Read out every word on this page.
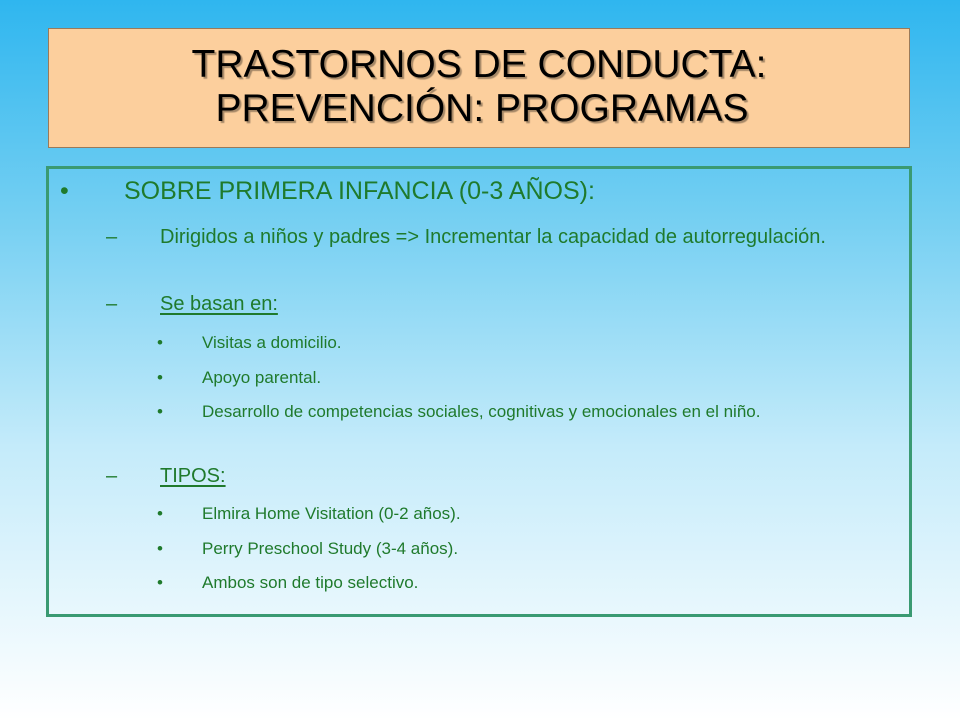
TRASTORNOS DE CONDUCTA:
PREVENCIÓN: PROGRAMAS
• SOBRE PRIMERA INFANCIA (0-3 AÑOS):
– Dirigidos a niños y padres => Incrementar la capacidad de autorregulación.
– Se basan en:
• Visitas a domicilio.
• Apoyo parental.
• Desarrollo de competencias sociales, cognitivas y emocionales en el niño.
– TIPOS:
• Elmira Home Visitation (0-2 años).
• Perry Preschool Study (3-4 años).
• Ambos son de tipo selectivo.
